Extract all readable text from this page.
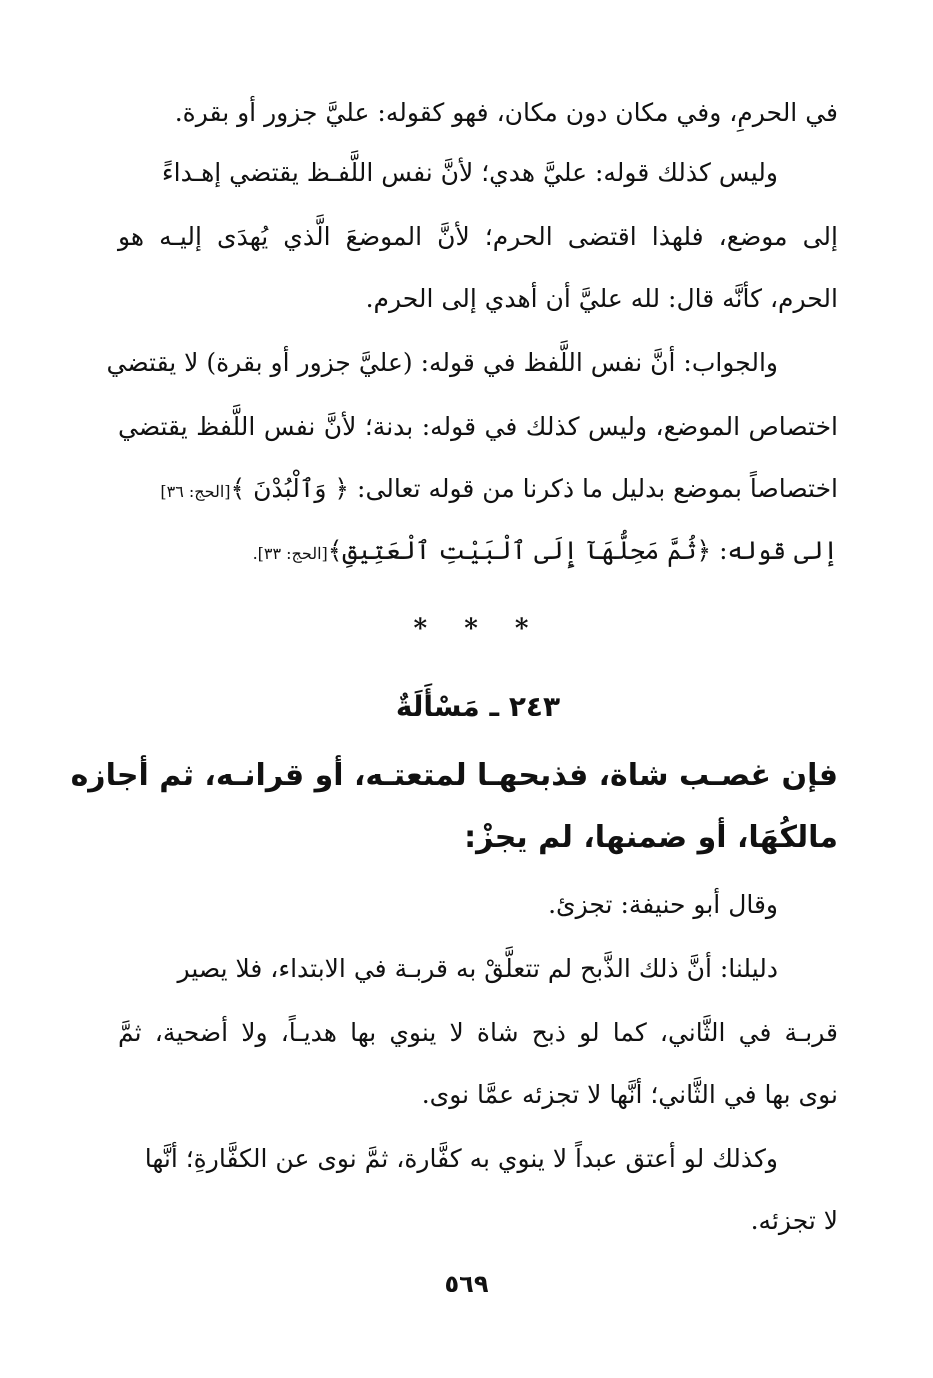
في الحرمِ، وفي مكان دون مكان، فهو كقوله: عليَّ جزور أو بقرة.
وليس كذلك قوله: عليَّ هدي؛ لأنَّ نفس اللَّفـظ يقتضي إهـداءً
إلى موضع، فلهذا اقتضى الحرم؛ لأنَّ الموضعَ الَّذي يُهدَى إليـه هو
الحرم، كأنَّه قال: لله عليَّ أن أهدي إلى الحرم.
والجواب: أنَّ نفس اللَّفظ في قوله: (عليَّ جزور أو بقرة) لا يقتضي
اختصاص الموضع، وليس كذلك في قوله: بدنة؛ لأنَّ نفس اللَّفظ يقتضي
اختصاصاً بموضع بدليل ما ذكرنا من قوله تعالى: ﴿ وَٱلْبُدْنَ ﴾[الحج: ٣٦]
إلى قوله: ﴿ثُمَّ مَحِلُّهَآ إِلَى ٱلْبَيْتِ ٱلْعَتِيقِ﴾[الحج: ٣٣].
* * *
٢٤٣ ـ مَسْأَلَةٌ
فإن غصـب شاة، فذبحهـا لمتعتـه، أو قرانـه، ثم أجازه
مالكُهَا، أو ضمنها، لم يجزْ:
وقال أبو حنيفة: تجزئ.
دليلنا: أنَّ ذلك الذَّبح لم تتعلَّقْ به قربـة في الابتداء، فلا يصير
قربـة في الثَّاني، كما لو ذبح شاة لا ينوي بها هديـاً، ولا أضحية، ثمَّ
نوى بها في الثَّاني؛ أنَّها لا تجزئه عمَّا نوى.
وكذلك لو أعتق عبداً لا ينوي به كفَّارة، ثمَّ نوى عن الكفَّارةِ؛ أنَّها
لا تجزئه.
٥٦٩
